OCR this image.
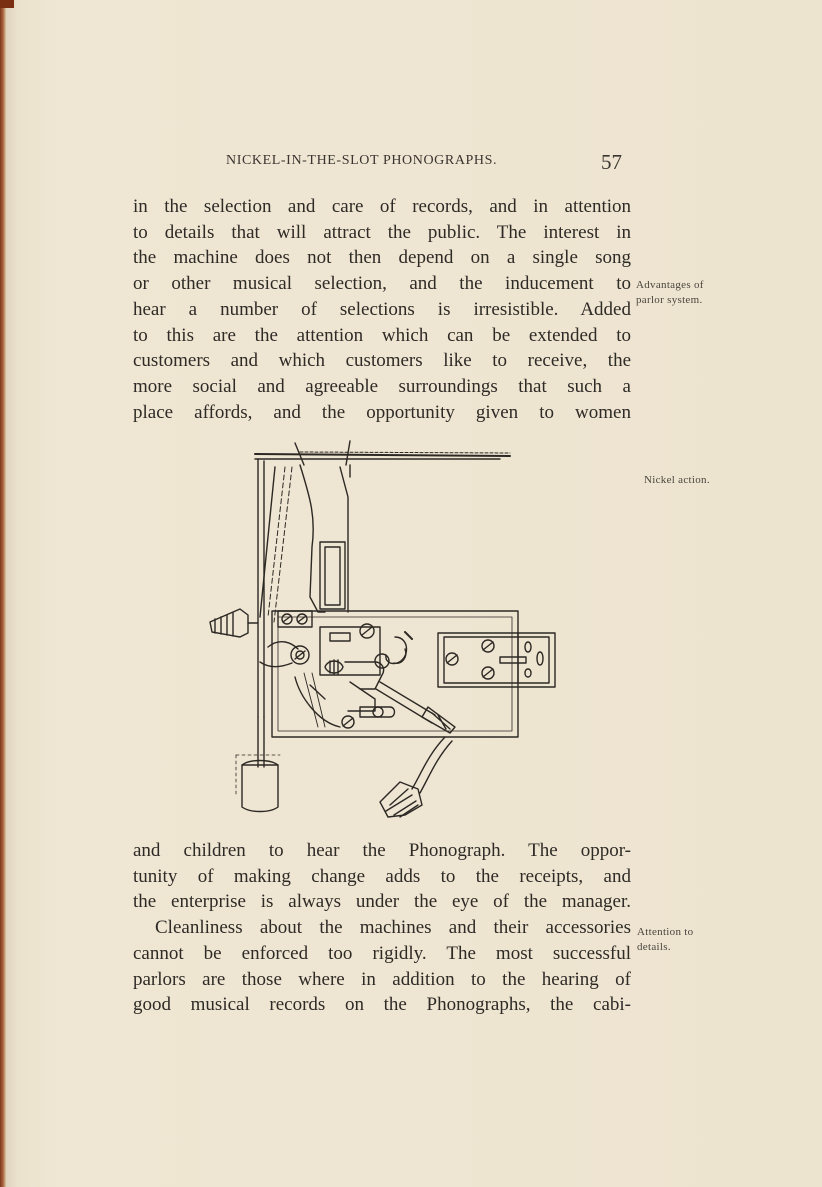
NICKEL-IN-THE-SLOT PHONOGRAPHS.	57
in the selection and care of records, and in attention
to details that will attract the public. The interest in
the machine does not then depend on a single song
or other musical selection, and the inducement to
hear a number of selections is irresistible. Added
to this are the attention which can be extended to
customers and which customers like to receive, the
more social and agreeable surroundings that such a
place affords, and the opportunity given to women
Advantages of
parlor system.
Nickel action.
and children to hear the Phonograph. The oppor-
tunity of making change adds to the receipts, and
the enterprise is always under the eye of the manager.
Cleanliness about the machines and their accessories
cannot be enforced too rigidly. The most successful
parlors are those where in addition to the hearing of
good musical records on the Phonographs, the cabi-
Attention to
details.
